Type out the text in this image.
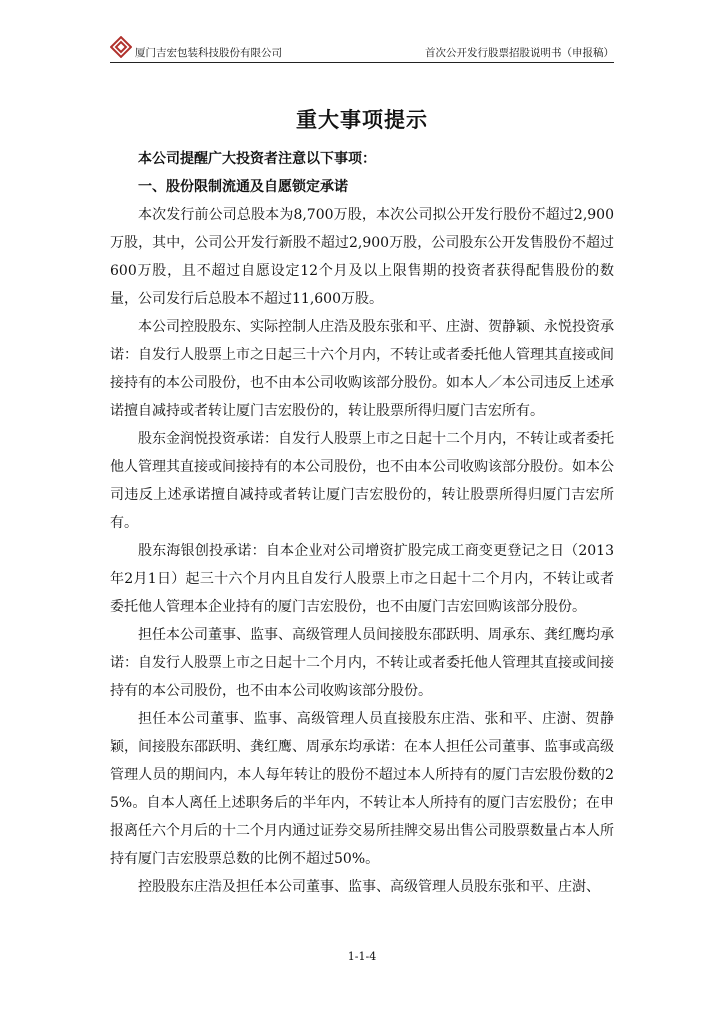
厦门吉宏包装科技股份有限公司	首次公开发行股票招股说明书（申报稿）
重大事项提示

本公司提醒广大投资者注意以下事项：

一、股份限制流通及自愿锁定承诺

本次发行前公司总股本为8,700万股，本次公司拟公开发行股份不超过2,900万股，其中，公司公开发行新股不超过2,900万股，公司股东公开发售股份不超过600万股，且不超过自愿设定12个月及以上限售期的投资者获得配售股份的数量，公司发行后总股本不超过11,600万股。

本公司控股股东、实际控制人庄浩及股东张和平、庄澍、贺静颖、永悦投资承诺：自发行人股票上市之日起三十六个月内，不转让或者委托他人管理其直接或间接持有的本公司股份，也不由本公司收购该部分股份。如本人／本公司违反上述承诺擅自减持或者转让厦门吉宏股份的，转让股票所得归厦门吉宏所有。

股东金润悦投资承诺：自发行人股票上市之日起十二个月内，不转让或者委托他人管理其直接或间接持有的本公司股份，也不由本公司收购该部分股份。如本公司违反上述承诺擅自减持或者转让厦门吉宏股份的，转让股票所得归厦门吉宏所有。

股东海银创投承诺：自本企业对公司增资扩股完成工商变更登记之日（2013年2月1日）起三十六个月内且自发行人股票上市之日起十二个月内，不转让或者委托他人管理本企业持有的厦门吉宏股份，也不由厦门吉宏回购该部分股份。

担任本公司董事、监事、高级管理人员间接股东邵跃明、周承东、龚红鹰均承诺：自发行人股票上市之日起十二个月内，不转让或者委托他人管理其直接或间接持有的本公司股份，也不由本公司收购该部分股份。

担任本公司董事、监事、高级管理人员直接股东庄浩、张和平、庄澍、贺静颖，间接股东邵跃明、龚红鹰、周承东均承诺：在本人担任公司董事、监事或高级管理人员的期间内，本人每年转让的股份不超过本人所持有的厦门吉宏股份数的25%。自本人离任上述职务后的半年内，不转让本人所持有的厦门吉宏股份；在申报离任六个月后的十二个月内通过证券交易所挂牌交易出售公司股票数量占本人所持有厦门吉宏股票总数的比例不超过50%。

控股股东庄浩及担任本公司董事、监事、高级管理人员股东张和平、庄澍、

1-1-4
